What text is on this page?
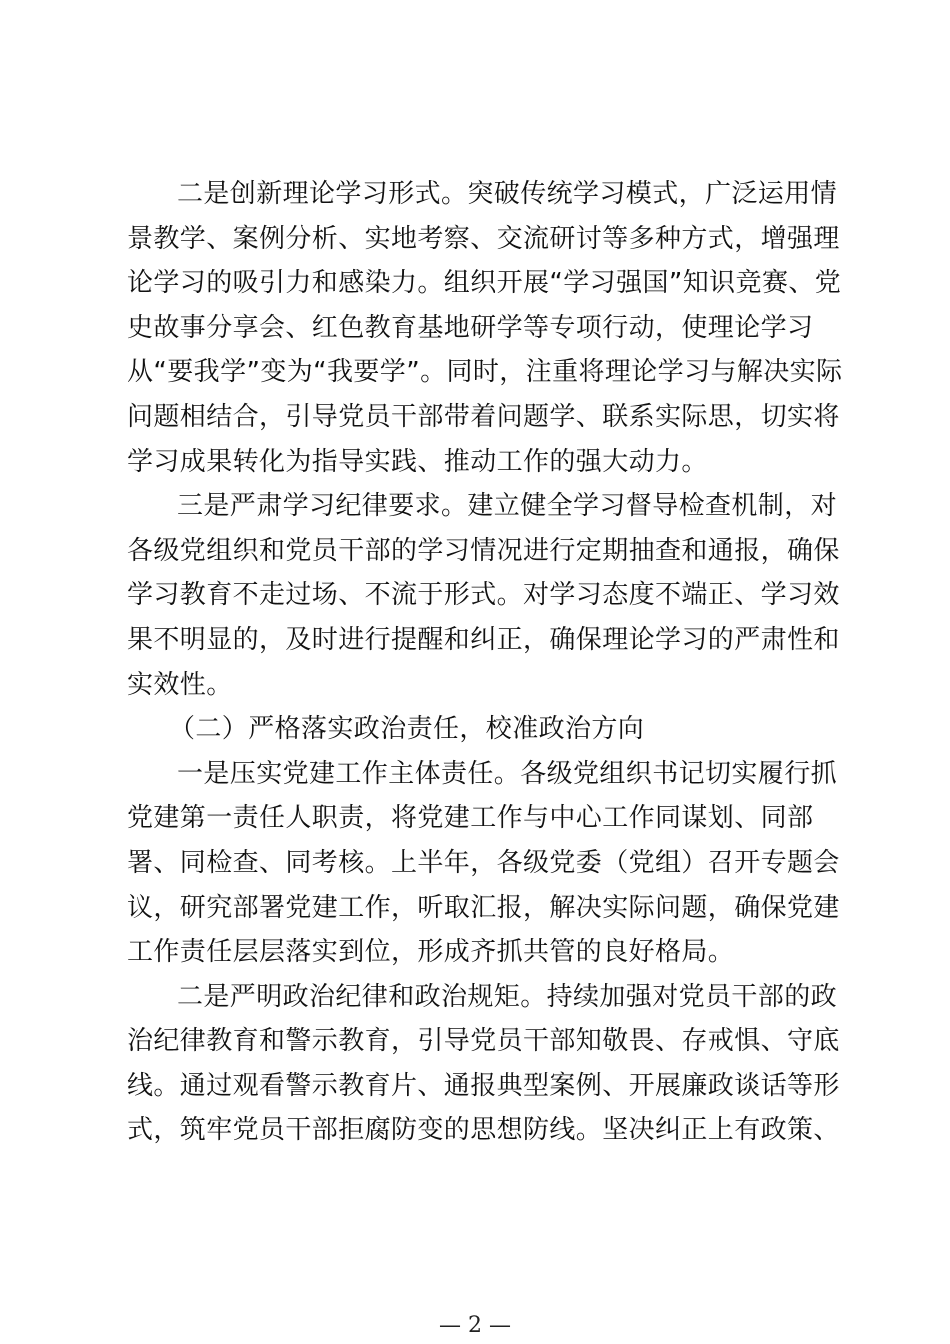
二是创新理论学习形式。突破传统学习模式，广泛运用情
景教学、案例分析、实地考察、交流研讨等多种方式，增强理
论学习的吸引力和感染力。组织开展“学习强国”知识竞赛、党
史故事分享会、红色教育基地研学等专项行动，使理论学习
从“要我学”变为“我要学”。同时，注重将理论学习与解决实际
问题相结合，引导党员干部带着问题学、联系实际思，切实将
学习成果转化为指导实践、推动工作的强大动力。
三是严肃学习纪律要求。建立健全学习督导检查机制，对
各级党组织和党员干部的学习情况进行定期抽查和通报，确保
学习教育不走过场、不流于形式。对学习态度不端正、学习效
果不明显的，及时进行提醒和纠正，确保理论学习的严肃性和
实效性。
（二）严格落实政治责任，校准政治方向
一是压实党建工作主体责任。各级党组织书记切实履行抓
党建第一责任人职责，将党建工作与中心工作同谋划、同部
署、同检查、同考核。上半年，各级党委（党组）召开专题会
议，研究部署党建工作，听取汇报，解决实际问题，确保党建
工作责任层层落实到位，形成齐抓共管的良好格局。
二是严明政治纪律和政治规矩。持续加强对党员干部的政
治纪律教育和警示教育，引导党员干部知敬畏、存戒惧、守底
线。通过观看警示教育片、通报典型案例、开展廉政谈话等形
式，筑牢党员干部拒腐防变的思想防线。坚决纠正上有政策、
— 2 —
